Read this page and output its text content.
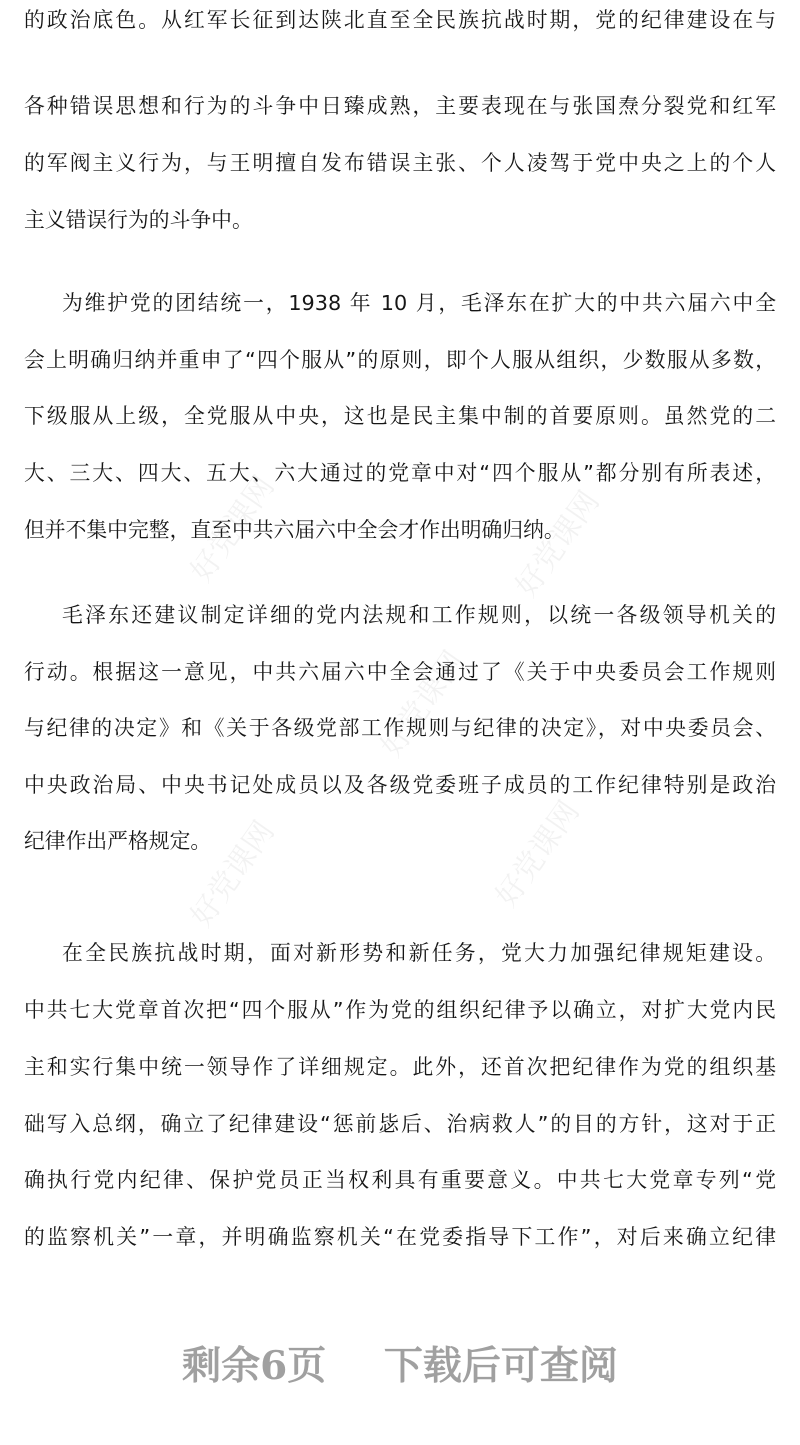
的政治底色。从红军长征到达陕北直至全民族抗战时期，党的纪律建设在与
各种错误思想和行为的斗争中日臻成熟，主要表现在与张国焘分裂党和红军
的军阀主义行为，与王明擅自发布错误主张、个人凌驾于党中央之上的个人
主义错误行为的斗争中。
为维护党的团结统一，1938 年 10 月，毛泽东在扩大的中共六届六中全
会上明确归纳并重申了“四个服从”的原则，即个人服从组织，少数服从多数，
下级服从上级，全党服从中央，这也是民主集中制的首要原则。虽然党的二
大、三大、四大、五大、六大通过的党章中对“四个服从”都分别有所表述，
但并不集中完整，直至中共六届六中全会才作出明确归纳。
毛泽东还建议制定详细的党内法规和工作规则，以统一各级领导机关的
行动。根据这一意见，中共六届六中全会通过了《关于中央委员会工作规则
与纪律的决定》和《关于各级党部工作规则与纪律的决定》，对中央委员会、
中央政治局、中央书记处成员以及各级党委班子成员的工作纪律特别是政治
纪律作出严格规定。
在全民族抗战时期，面对新形势和新任务，党大力加强纪律规矩建设。
中共七大党章首次把“四个服从”作为党的组织纪律予以确立，对扩大党内民
主和实行集中统一领导作了详细规定。此外，还首次把纪律作为党的组织基
础写入总纲，确立了纪律建设“惩前毖后、治病救人”的目的方针，这对于正
确执行党内纪律、保护党员正当权利具有重要意义。中共七大党章专列“党
的监察机关”一章，并明确监察机关“在党委指导下工作”，对后来确立纪律
剩余6页 下载后可查阅
好党课网	好党课网
好党课网
好党课网	好党课网
